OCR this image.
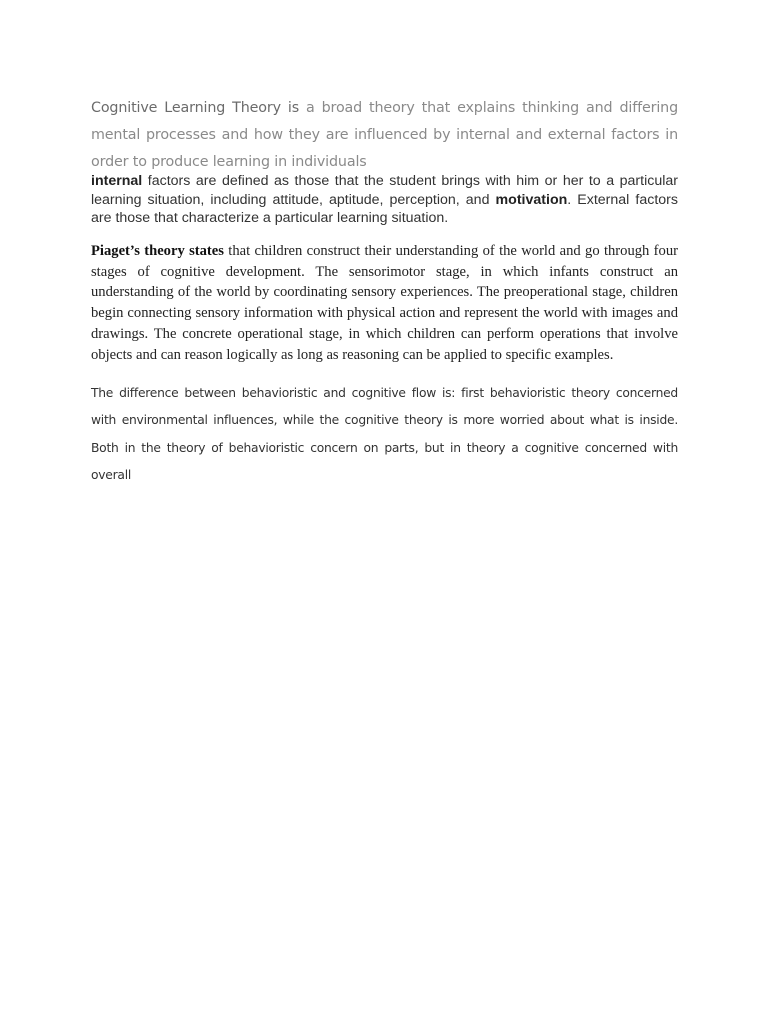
Cognitive Learning Theory is a broad theory that explains thinking and differing mental processes and how they are influenced by internal and external factors in order to produce learning in individuals

internal factors are defined as those that the student brings with him or her to a particular learning situation, including attitude, aptitude, perception, and motivation. External factors are those that characterize a particular learning situation.

Piaget’s theory states that children construct their understanding of the world and go through four stages of cognitive development. The sensorimotor stage, in which infants construct an understanding of the world by coordinating sensory experiences. The preoperational stage, children begin connecting sensory information with physical action and represent the world with images and drawings. The concrete operational stage, in which children can perform operations that involve objects and can reason logically as long as reasoning can be applied to specific examples.

The difference between behavioristic and cognitive flow is: first behavioristic theory concerned with environmental influences, while the cognitive theory is more worried about what is inside. Both in the theory of behavioristic concern on parts, but in theory a cognitive concerned with overall
